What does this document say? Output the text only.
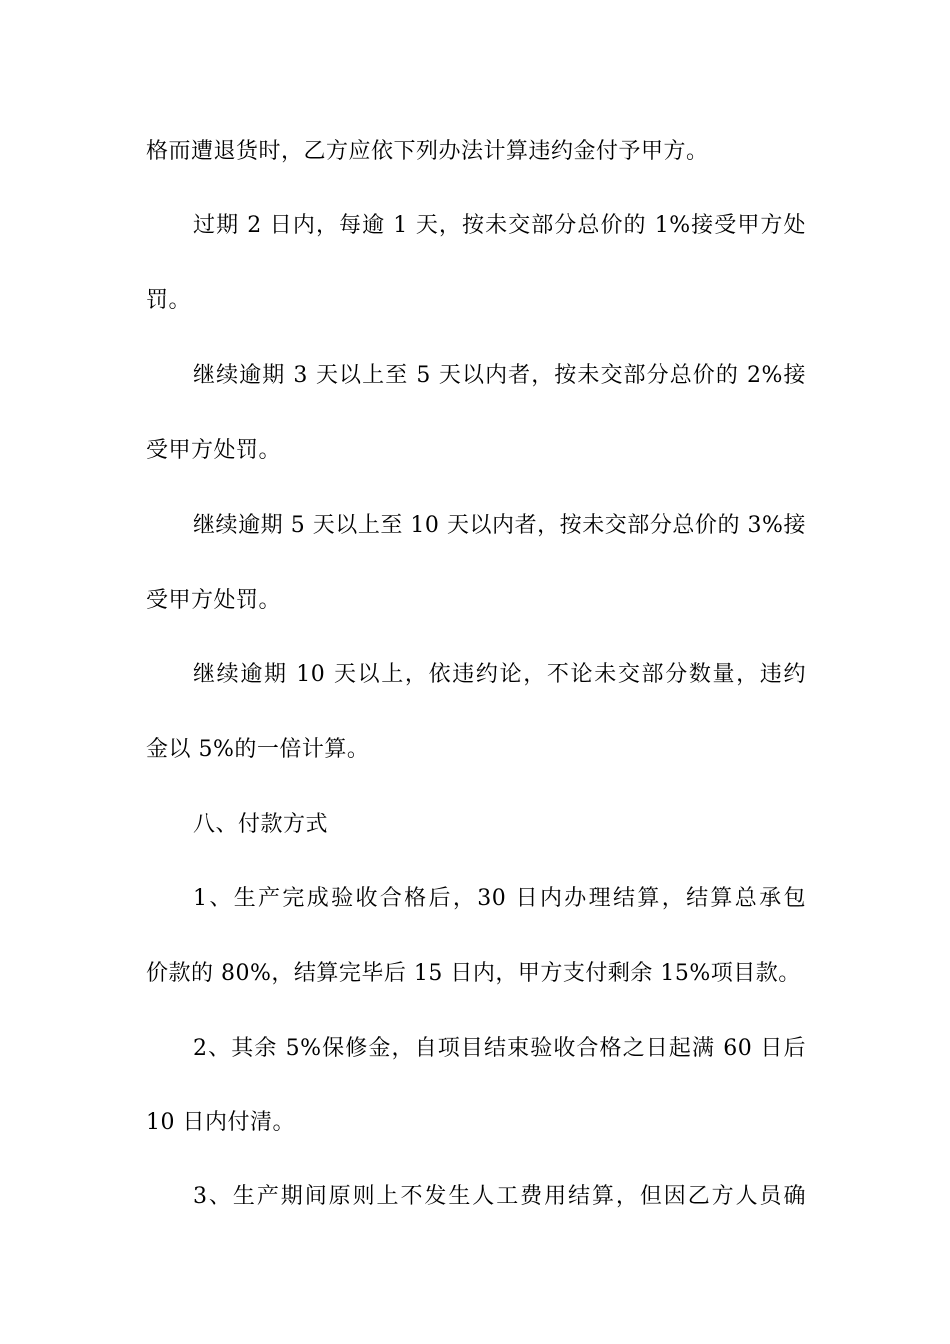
格而遭退货时，乙方应依下列办法计算违约金付予甲方。
过期 2 日内，每逾 1 天，按未交部分总价的 1%接受甲方处
罚。
继续逾期 3 天以上至 5 天以内者，按未交部分总价的 2%接
受甲方处罚。
继续逾期 5 天以上至 10 天以内者，按未交部分总价的 3%接
受甲方处罚。
继续逾期 10 天以上，依违约论，不论未交部分数量，违约
金以 5%的一倍计算。
八、付款方式
1、生产完成验收合格后，30 日内办理结算，结算总承包
价款的 80%，结算完毕后 15 日内，甲方支付剩余 15%项目款。
2、其余 5%保修金，自项目结束验收合格之日起满 60 日后
10 日内付清。
3、生产期间原则上不发生人工费用结算，但因乙方人员确
